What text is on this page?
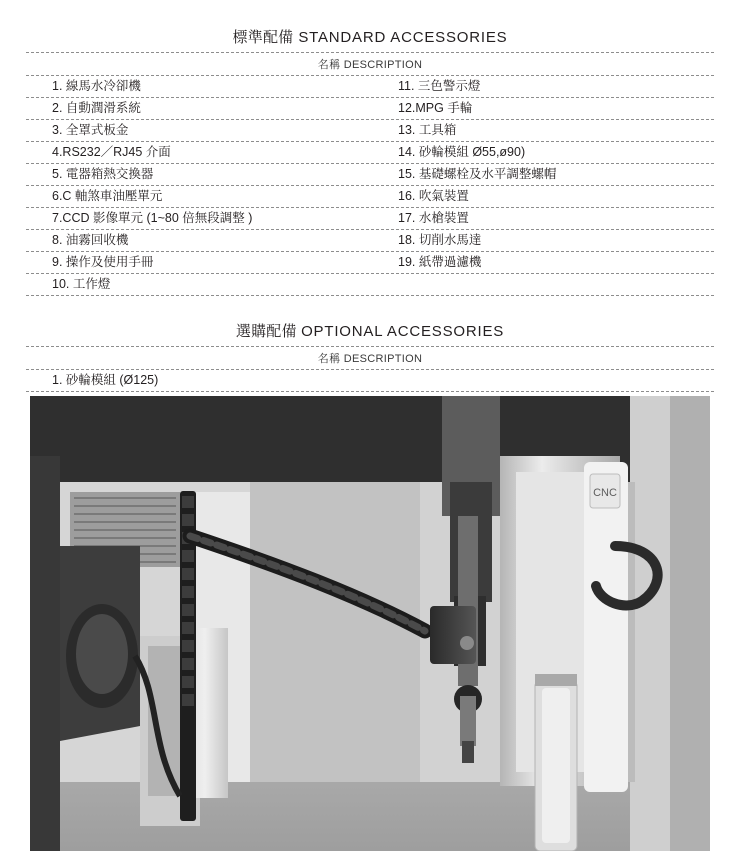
標準配備 STANDARD ACCESSORIES
名稱 DESCRIPTION
1. 線馬水冷卻機	11. 三色警示燈
2. 自動潤滑系統	12.MPG 手輪
3. 全罩式板金	13. 工具箱
4.RS232／RJ45 介面	14. 砂輪模組 Ø55,ø90)
5. 電器箱熱交換器	15. 基礎螺栓及水平調整螺帽
6.C 軸煞車油壓單元	16. 吹氣裝置
7.CCD 影像單元 (1~80 倍無段調整 )	17. 水槍裝置
8. 油霧回收機	18. 切削水馬達
9. 操作及使用手冊	19. 紙帶過濾機
10. 工作燈
選購配備 OPTIONAL ACCESSORIES
名稱 DESCRIPTION
1. 砂輪模組 (Ø125)
CNC
